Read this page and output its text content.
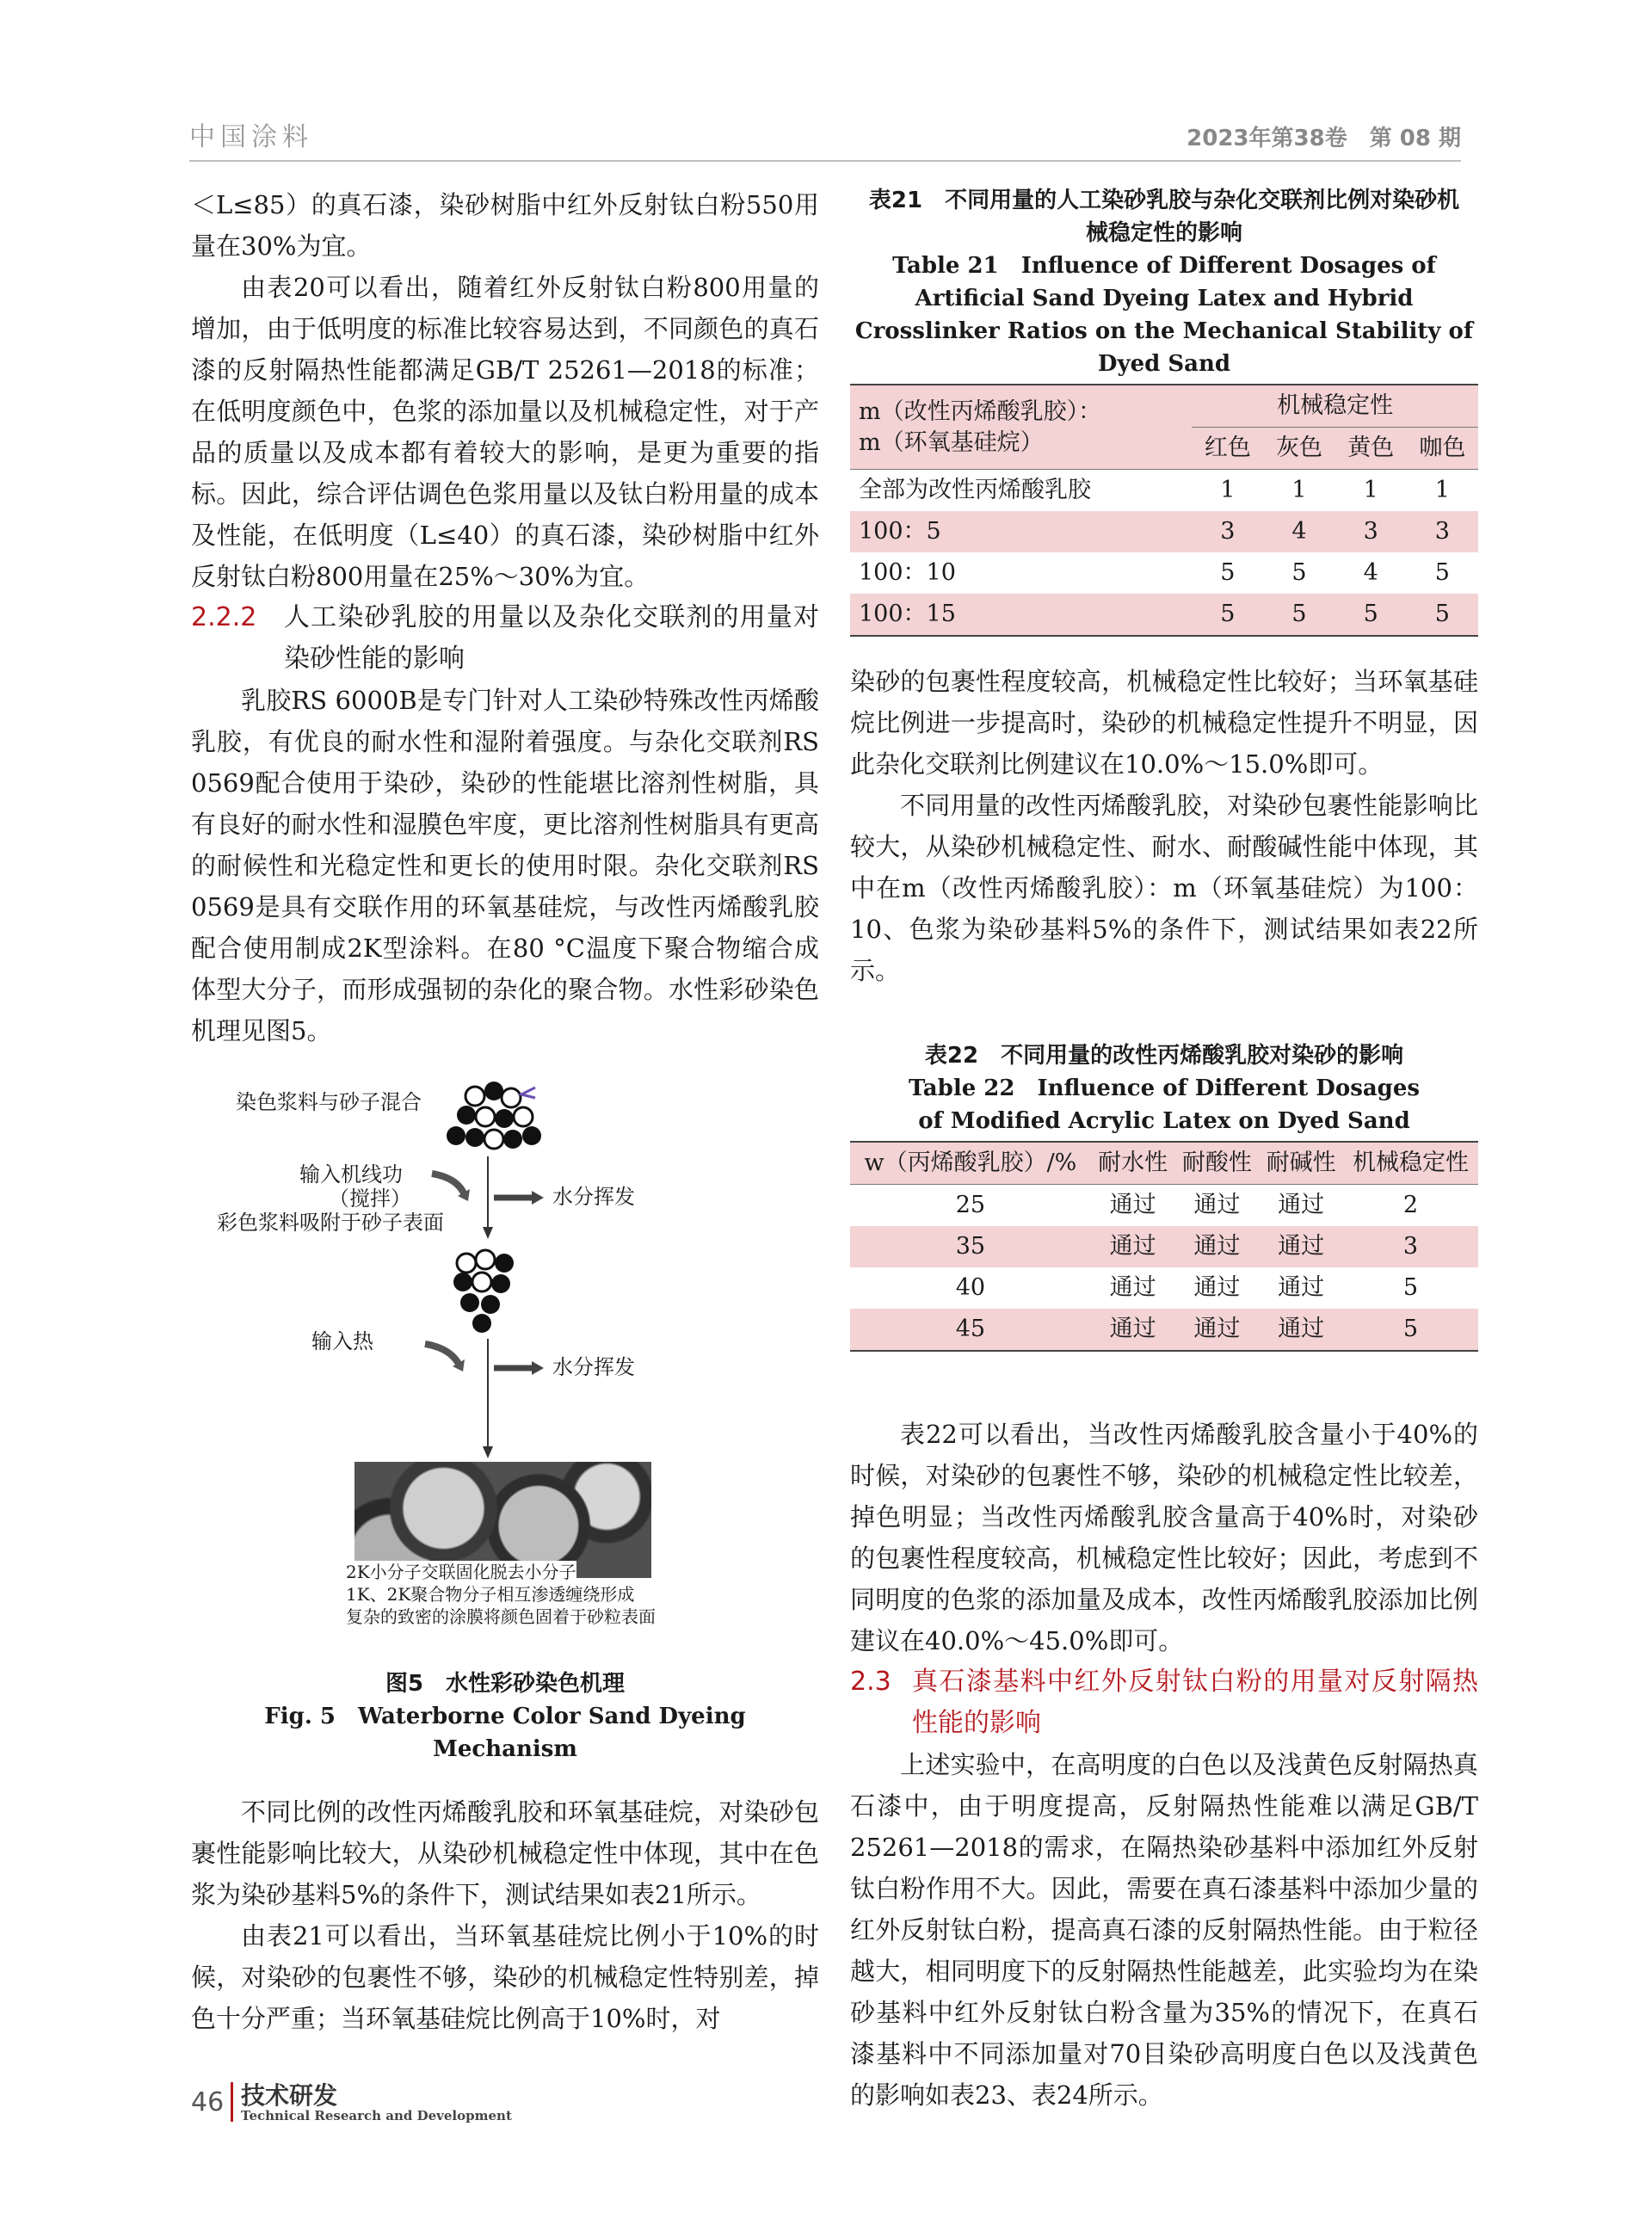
中国涂料	2023年第38卷　第 08 期

＜L≤85）的真石漆，染砂树脂中红外反射钛白粉550用量在30%为宜。

由表20可以看出，随着红外反射钛白粉800用量的增加，由于低明度的标准比较容易达到，不同颜色的真石漆的反射隔热性能都满足GB/T 25261—2018的标准；在低明度颜色中，色浆的添加量以及机械稳定性，对于产品的质量以及成本都有着较大的影响，是更为重要的指标。因此，综合评估调色色浆用量以及钛白粉用量的成本及性能，在低明度（L≤40）的真石漆，染砂树脂中红外反射钛白粉800用量在25%～30%为宜。

2.2.2	人工染砂乳胶的用量以及杂化交联剂的用量对染砂性能的影响

乳胶RS 6000B是专门针对人工染砂特殊改性丙烯酸乳胶，有优良的耐水性和湿附着强度。与杂化交联剂RS 0569配合使用于染砂，染砂的性能堪比溶剂性树脂，具有良好的耐水性和湿膜色牢度，更比溶剂性树脂具有更高的耐候性和光稳定性和更长的使用时限。杂化交联剂RS 0569是具有交联作用的环氧基硅烷，与改性丙烯酸乳胶配合使用制成2K型涂料。在80 °C温度下聚合物缩合成体型大分子，而形成强韧的杂化的聚合物。水性彩砂染色机理见图5。

染色浆料与砂子混合
输入机线功
（搅拌）
彩色浆料吸附于砂子表面
水分挥发
输入热
水分挥发
2K小分子交联固化脱去小分子
1K、2K聚合物分子相互渗透缠绕形成
复杂的致密的涂膜将颜色固着于砂粒表面
图5　水性彩砂染色机理
Fig. 5　Waterborne Color Sand Dyeing Mechanism

不同比例的改性丙烯酸乳胶和环氧基硅烷，对染砂包裹性能影响比较大，从染砂机械稳定性中体现，其中在色浆为染砂基料5%的条件下，测试结果如表21所示。

由表21可以看出，当环氧基硅烷比例小于10%的时候，对染砂的包裹性不够，染砂的机械稳定性特别差，掉色十分严重；当环氧基硅烷比例高于10%时，对

表21　不同用量的人工染砂乳胶与杂化交联剂比例对染砂机械稳定性的影响
Table 21　Influence of Different Dosages of Artificial Sand Dyeing Latex and Hybrid Crosslinker Ratios on the Mechanical Stability of Dyed Sand
m（改性丙烯酸乳胶）：
m（环氧基硅烷）	机械稳定性			
	红色	灰色	黄色	咖色
全部为改性丙烯酸乳胶	1	1	1	1
100：5	3	4	3	3
100：10	5	5	4	5
100：15	5	5	5	5

染砂的包裹性程度较高，机械稳定性比较好；当环氧基硅烷比例进一步提高时，染砂的机械稳定性提升不明显，因此杂化交联剂比例建议在10.0%～15.0%即可。

不同用量的改性丙烯酸乳胶，对染砂包裹性能影响比较大，从染砂机械稳定性、耐水、耐酸碱性能中体现，其中在m（改性丙烯酸乳胶）：m（环氧基硅烷）为100：10、色浆为染砂基料5%的条件下，测试结果如表22所示。

表22　不同用量的改性丙烯酸乳胶对染砂的影响
Table 22　Influence of Different Dosages of Modified Acrylic Latex on Dyed Sand
w（丙烯酸乳胶）/%	耐水性	耐酸性	耐碱性	机械稳定性
25	通过	通过	通过	2
35	通过	通过	通过	3
40	通过	通过	通过	5
45	通过	通过	通过	5

表22可以看出，当改性丙烯酸乳胶含量小于40%的时候，对染砂的包裹性不够，染砂的机械稳定性比较差，掉色明显；当改性丙烯酸乳胶含量高于40%时，对染砂的包裹性程度较高，机械稳定性比较好；因此，考虑到不同明度的色浆的添加量及成本，改性丙烯酸乳胶添加比例建议在40.0%～45.0%即可。

2.3 真石漆基料中红外反射钛白粉的用量对反射隔热性能的影响

上述实验中，在高明度的白色以及浅黄色反射隔热真石漆中，由于明度提高，反射隔热性能难以满足GB/T 25261—2018的需求，在隔热染砂基料中添加红外反射钛白粉作用不大。因此，需要在真石漆基料中添加少量的红外反射钛白粉，提高真石漆的反射隔热性能。由于粒径越大，相同明度下的反射隔热性能越差，此实验均为在染砂基料中红外反射钛白粉含量为35%的情况下，在真石漆基料中不同添加量对70目染砂高明度白色以及浅黄色的影响如表23、表24所示。

46 技术研发
Technical Research and Development
